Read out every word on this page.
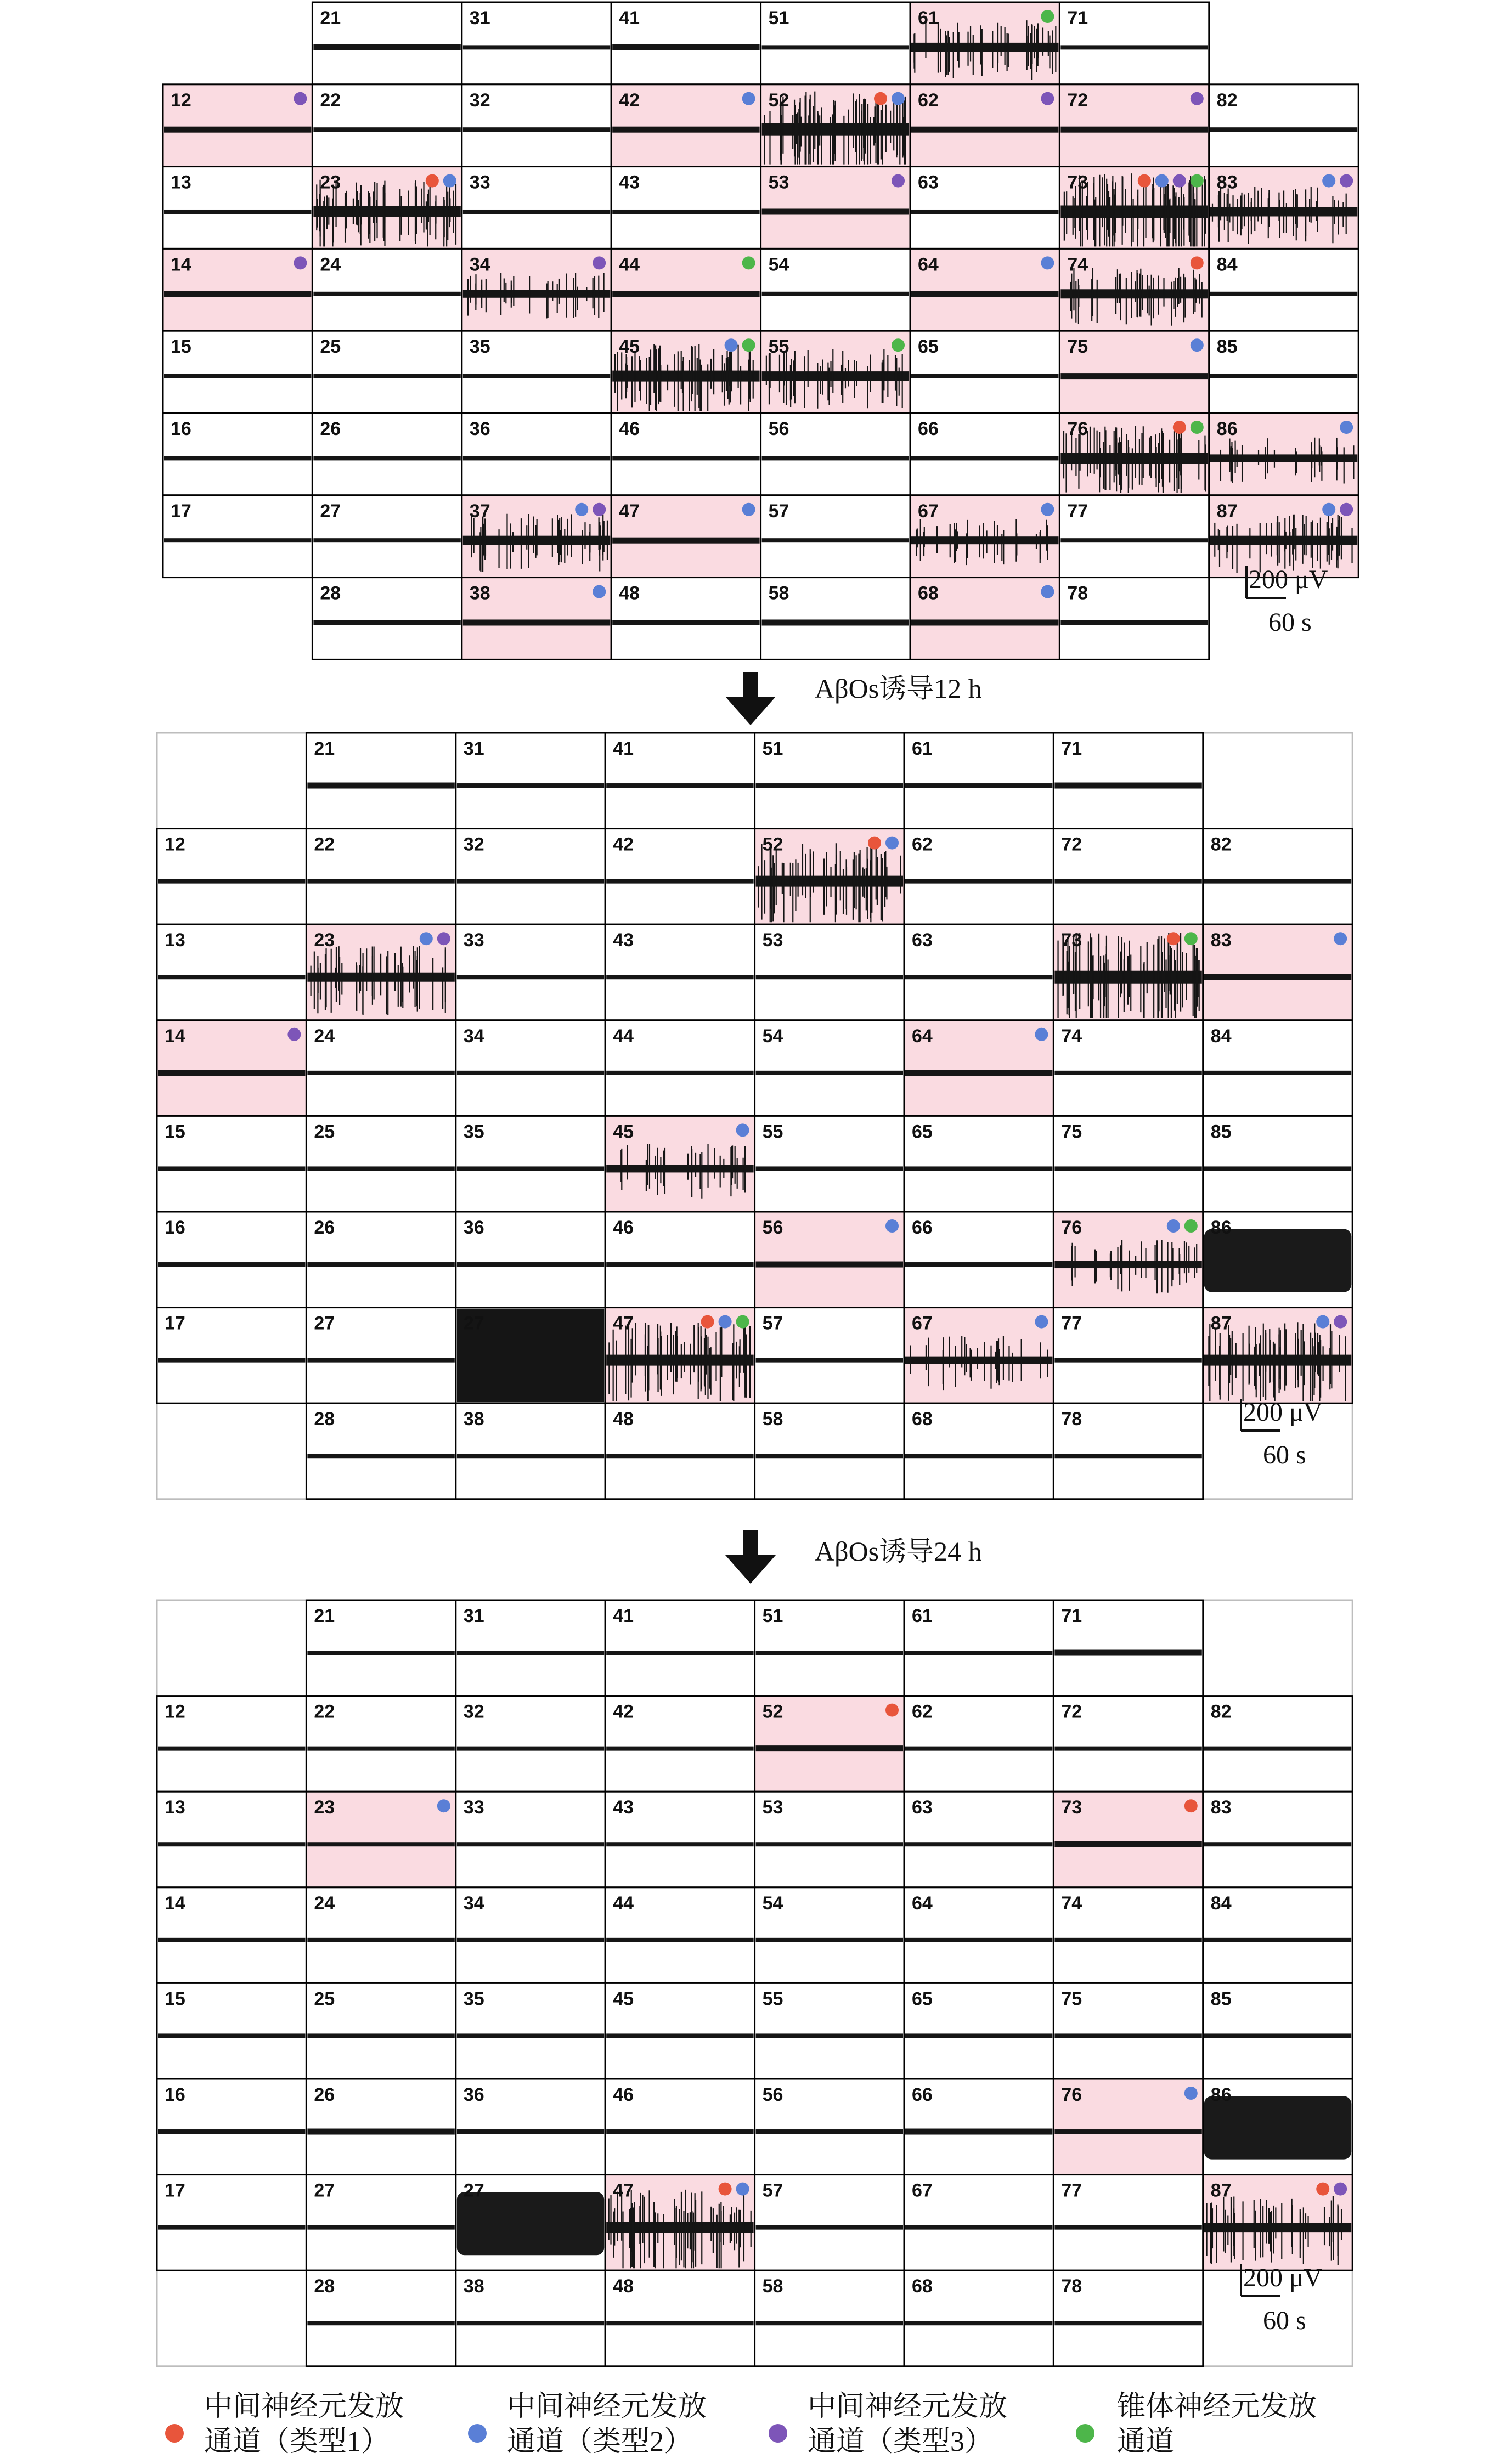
21	31	41	51	61	71
12	22	32	42	52	62	72	82
13	23	33	43	53	63	73	83
14	24	34	44	54	64	74	84
15	25	35	45	55	65	75	85
16	26	36	46	56	66	76	86
17	27	37	47	57	67	77	87
28	38	48	58	68	78	200 μV
60 s
21	31	41	51	61	71
12	22	32	42	52	62	72	82
13	23	33	43	53	63	73	83
14	24	34	44	54	64	74	84
15	25	35	45	55	65	75	85
16	26	36	46	56	66	76	86
17	27	27	47	57	67	77	87
28	38	48	58	68	78	200 μV
60 s
21	31	41	51	61	71
12	22	32	42	52	62	72	82
13	23	33	43	53	63	73	83
14	24	34	44	54	64	74	84
15	25	35	45	55	65	75	85
16	26	36	46	56	66	76	86
17	27	27	47	57	67	77	87
28	38	48	58	68	78	200 μV
60 s
AβOs诱导12 h
AβOs诱导24 h
中间神经元发放
通道（类型1）
中间神经元发放
通道（类型2）
中间神经元发放
通道（类型3）
锥体神经元发放
通道
